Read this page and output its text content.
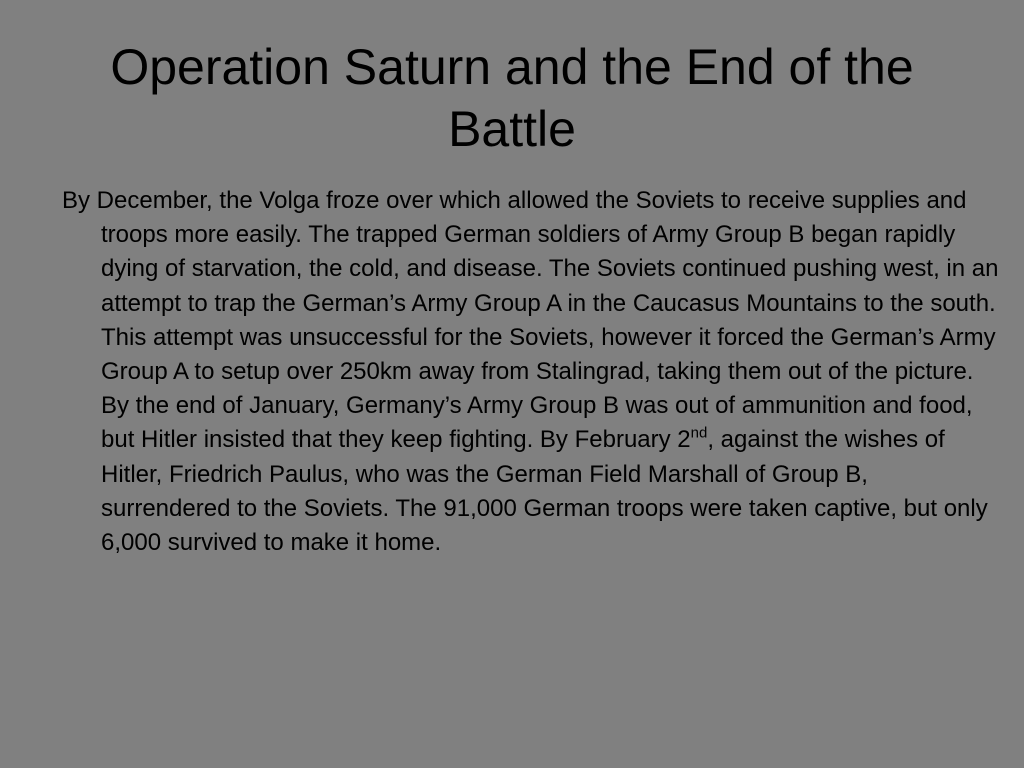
Operation Saturn and the End of the Battle

By December, the Volga froze over which allowed the Soviets to receive supplies and troops more easily. The trapped German soldiers of Army Group B began rapidly dying of starvation, the cold, and disease. The Soviets continued pushing west, in an attempt to trap the German’s Army Group A in the Caucasus Mountains to the south. This attempt was unsuccessful for the Soviets, however it forced the German’s Army Group A to setup over 250km away from Stalingrad, taking them out of the picture. By the end of January, Germany’s Army Group B was out of ammunition and food, but Hitler insisted that they keep fighting. By February 2nd, against the wishes of Hitler, Friedrich Paulus, who was the German Field Marshall of Group B, surrendered to the Soviets. The 91,000 German troops were taken captive, but only 6,000 survived to make it home.
